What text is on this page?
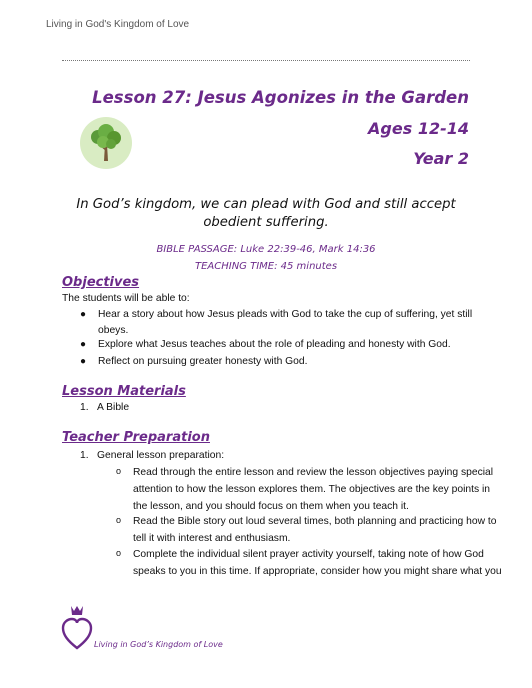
Living in God's Kingdom of Love
Lesson 27: Jesus Agonizes in the Garden
Ages 12-14
Year 2
In God’s kingdom, we can plead with God and still accept
obedient suffering.
BIBLE PASSAGE: Luke 22:39-46, Mark 14:36
TEACHING TIME: 45 minutes
Objectives
The students will be able to:
● Hear a story about how Jesus pleads with God to take the cup of suffering, yet still
obeys.
● Explore what Jesus teaches about the role of pleading and honesty with God.
● Reflect on pursuing greater honesty with God.
Lesson Materials
1. A Bible
Teacher Preparation
1. General lesson preparation:
o Read through the entire lesson and review the lesson objectives paying special
attention to how the lesson explores them. The objectives are the key points in
the lesson, and you should focus on them when you teach it.
o Read the Bible story out loud several times, both planning and practicing how to
tell it with interest and enthusiasm.
o Complete the individual silent prayer activity yourself, taking note of how God
speaks to you in this time. If appropriate, consider how you might share what you
Living in God’s Kingdom of Love
